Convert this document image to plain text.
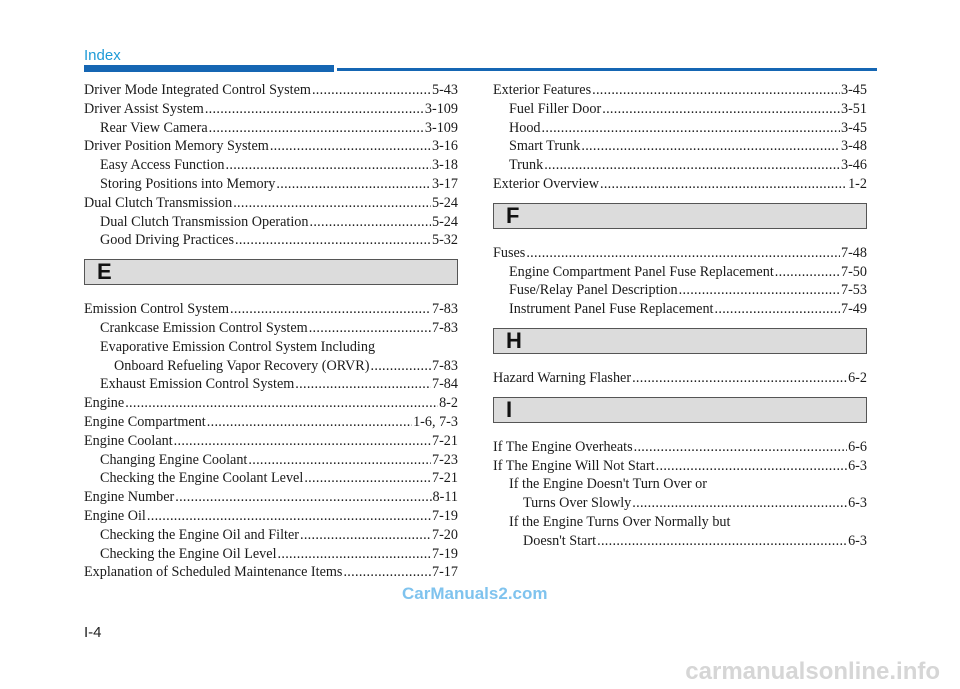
Index
Driver Mode Integrated Control System .....	5-43
Driver Assist System .....	3-109
Rear View Camera .....	3-109
Driver Position Memory System .....	3-16
Easy Access Function .....	3-18
Storing Positions into Memory .....	3-17
Dual Clutch Transmission .....	5-24
Dual Clutch Transmission Operation .....	5-24
Good Driving Practices .....	5-32
E
Emission Control System .....	7-83
Crankcase Emission Control System .....	7-83
Evaporative Emission Control System Including
Onboard Refueling Vapor Recovery (ORVR) .....	7-83
Exhaust Emission Control System .....	7-84
Engine .....	8-2
Engine Compartment .....	1-6, 7-3
Engine Coolant .....	7-21
Changing Engine Coolant .....	7-23
Checking the Engine Coolant Level .....	7-21
Engine Number .....	8-11
Engine Oil .....	7-19
Checking the Engine Oil and Filter .....	7-20
Checking the Engine Oil Level .....	7-19
Explanation of Scheduled Maintenance Items .....	7-17
Exterior Features .....	3-45
Fuel Filler Door .....	3-51
Hood .....	3-45
Smart Trunk .....	3-48
Trunk .....	3-46
Exterior Overview .....	1-2
F
Fuses .....	7-48
Engine Compartment Panel Fuse Replacement .....	7-50
Fuse/Relay Panel Description .....	7-53
Instrument Panel Fuse Replacement .....	7-49
H
Hazard Warning Flasher .....	6-2
I
If The Engine Overheats .....	6-6
If The Engine Will Not Start .....	6-3
If the Engine Doesn't Turn Over or
Turns Over Slowly .....	6-3
If the Engine Turns Over Normally but
Doesn't Start .....	6-3
I-4
CarManuals2.com
carmanualsonline.info
